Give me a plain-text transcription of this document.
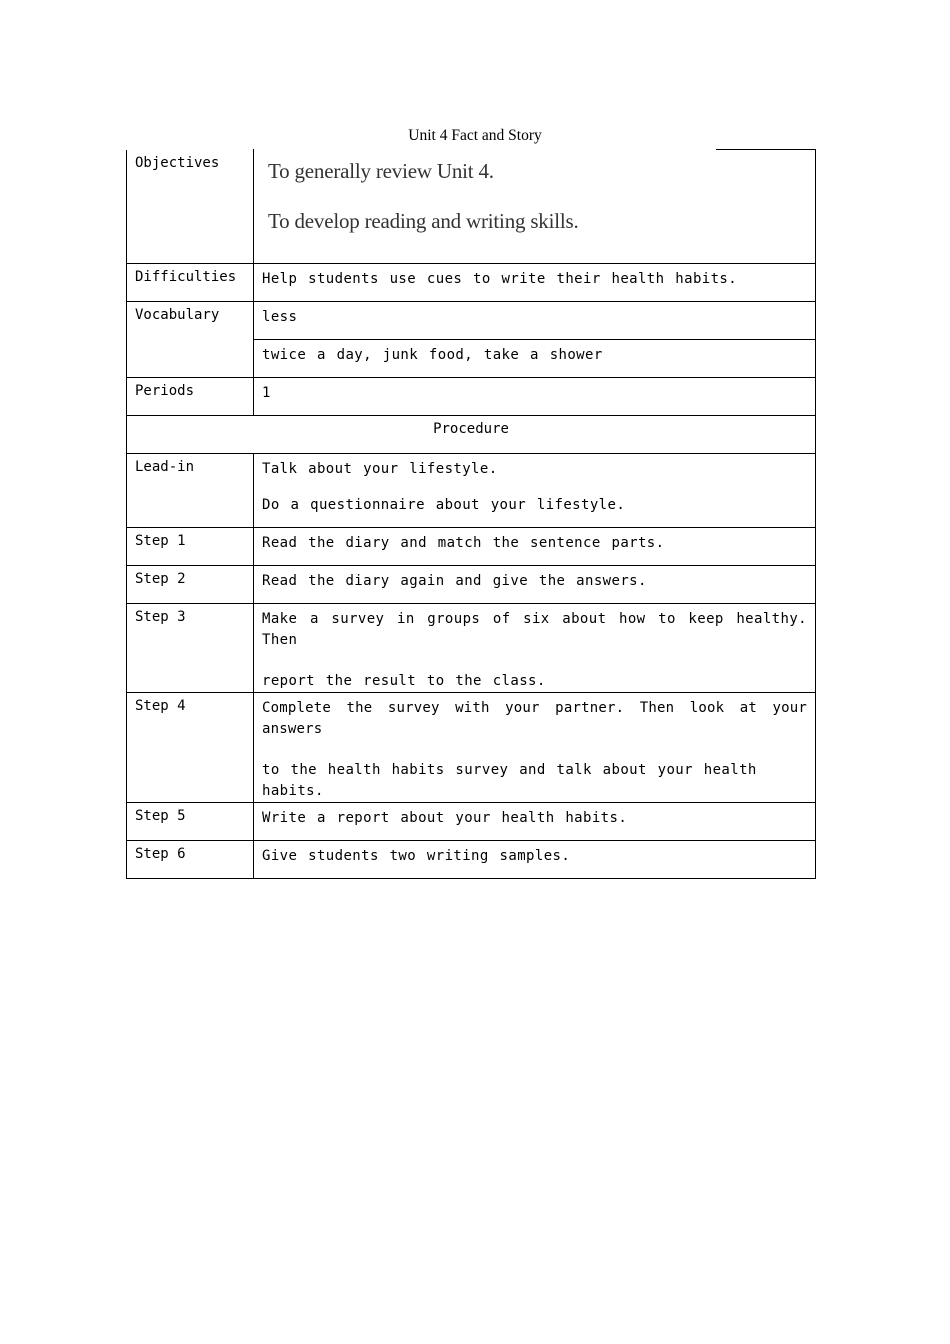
Unit 4 Fact and Story
Objectives	To generally review Unit 4.
To develop reading and writing skills.

Difficulties	Help students use cues to write their health habits.

Vocabulary	less

	twice a day, junk food, take a shower

Periods	1

Procedure	
Lead-in	Talk about your lifestyle.
Do a questionnaire about your lifestyle.

Step 1	Read the diary and match the sentence parts.

Step 2	Read the diary again and give the answers.

Step 3	Make a survey in groups of six about how to keep healthy. Then
report the result to the class.

Step 4	Complete the survey with your partner. Then look at your answers
to the health habits survey and talk about your health habits.

Step 5	Write a report about your health habits.

Step 6	Give students two writing samples.
